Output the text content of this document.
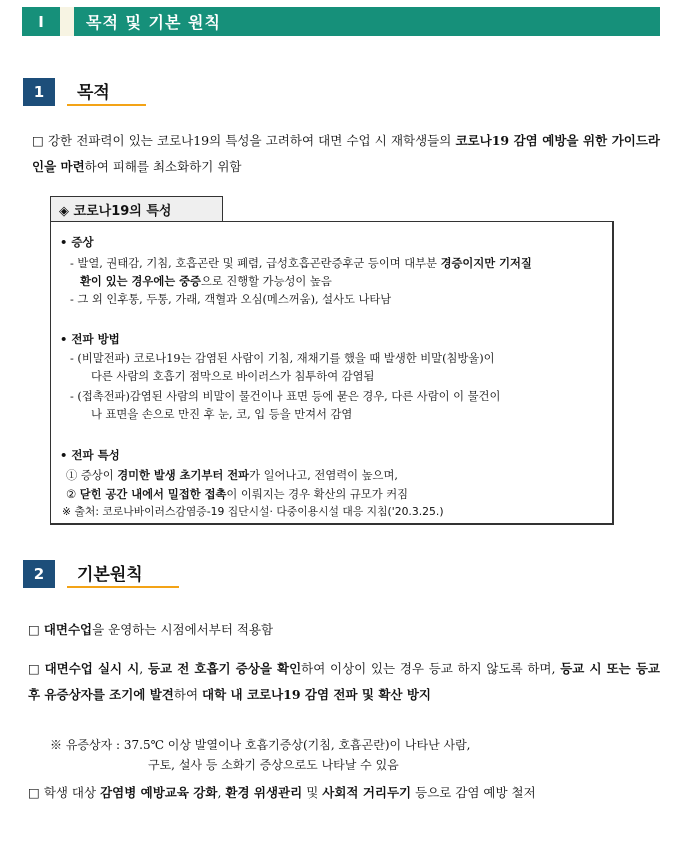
I	목적 및 기본 원칙
1	목적
□ 강한 전파력이 있는 코로나19의 특성을 고려하여 대면 수업 시 재학생들의 코로나19 감염 예방을 위한 가이드라인을 마련하여 피해를 최소화하기 위함
◈ 코로나19의 특성
• 증상
- 발열, 권태감, 기침, 호흡곤란 및 폐렴, 급성호흡곤란증후군 등이며 대부분 경증이지만 기저질
환이 있는 경우에는 중증으로 진행할 가능성이 높음
- 그 외 인후통, 두통, 가래, 객혈과 오심(메스꺼움), 설사도 나타남
• 전파 방법
- (비말전파) 코로나19는 감염된 사람이 기침, 재채기를 했을 때 발생한 비말(침방울)이
다른 사람의 호흡기 점막으로 바이러스가 침투하여 감염됨
- (접촉전파)감염된 사람의 비말이 물건이나 표면 등에 묻은 경우, 다른 사람이 이 물건이
나 표면을 손으로 만진 후 눈, 코, 입 등을 만져서 감염
• 전파 특성
① 증상이 경미한 발생 초기부터 전파가 일어나고, 전염력이 높으며,
② 닫힌 공간 내에서 밀접한 접촉이 이뤄지는 경우 확산의 규모가 커짐
※ 출처: 코로나바이러스감염증-19 집단시설· 다중이용시설 대응 지침('20.3.25.)
2	기본원칙
□ 대면수업을 운영하는 시점에서부터 적용함
□ 대면수업 실시 시, 등교 전 호흡기 증상을 확인하여 이상이 있는 경우 등교 하지 않도록 하며, 등교 시 또는 등교 후 유증상자를 조기에 발견하여 대학 내 코로나19 감염 전파 및 확산 방지
※ 유증상자 : 37.5℃ 이상 발열이나 호흡기증상(기침, 호흡곤란)이 나타난 사람,
구토, 설사 등 소화기 증상으로도 나타날 수 있음
□ 학생 대상 감염병 예방교육 강화, 환경 위생관리 및 사회적 거리두기 등으로 감염 예방 철저
